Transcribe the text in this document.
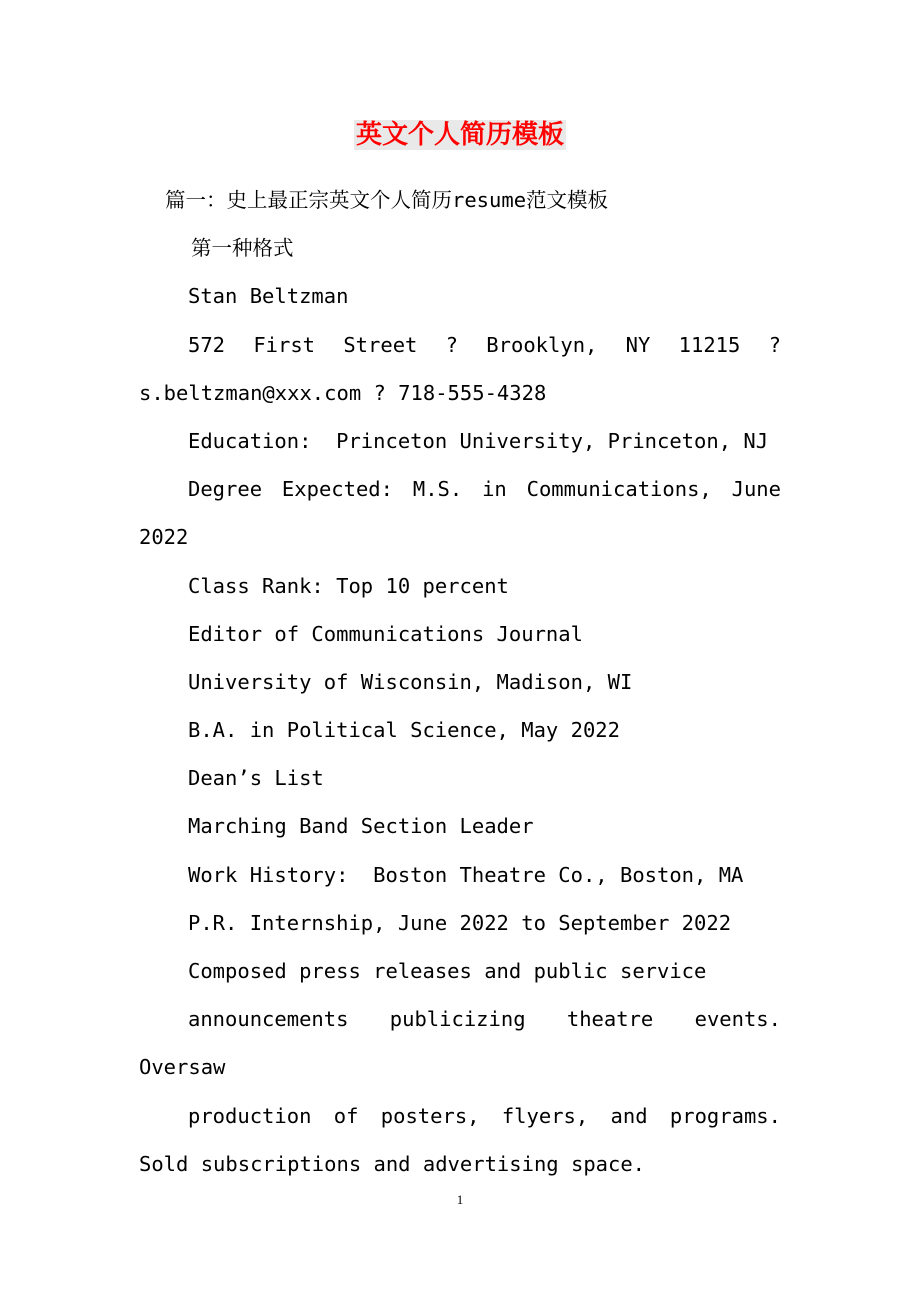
英文个人简历模板
篇一：史上最正宗英文个人简历resume范文模板
第一种格式
Stan Beltzman
572 First Street ? Brooklyn, NY 11215 ?
s.beltzman@xxx.com ? 718-555-4328
Education:  Princeton University, Princeton, NJ
Degree Expected: M.S. in Communications, June
2022
Class Rank: Top 10 percent
Editor of Communications Journal
University of Wisconsin, Madison, WI
B.A. in Political Science, May 2022
Dean’s List
Marching Band Section Leader
Work History:  Boston Theatre Co., Boston, MA
P.R. Internship, June 2022 to September 2022
Composed press releases and public service
announcements publicizing theatre events.
Oversaw
production of posters, flyers, and programs.
Sold subscriptions and advertising space.
1
